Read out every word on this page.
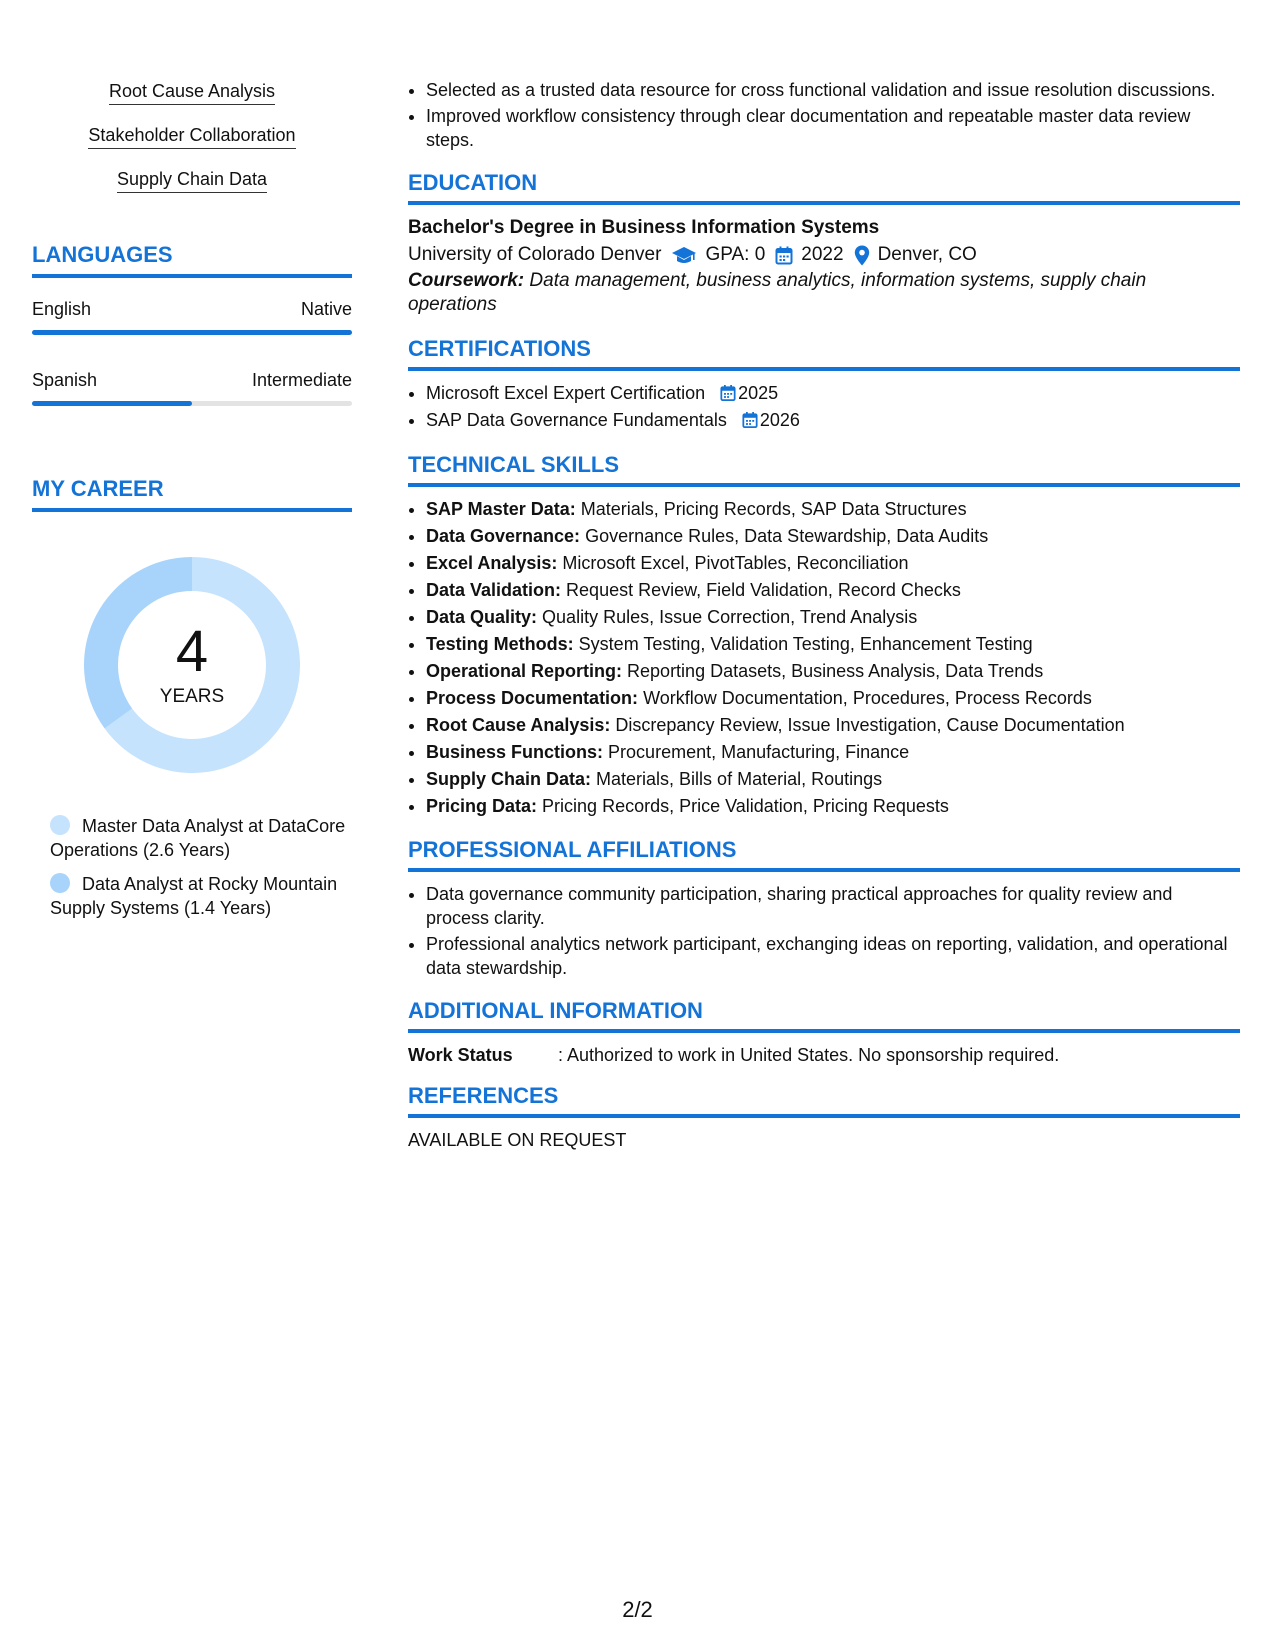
Root Cause Analysis
Stakeholder Collaboration
Supply Chain Data
LANGUAGES
English	Native
Spanish	Intermediate
MY CAREER
4
YEARS
Master Data Analyst at DataCore Operations (2.6 Years)
Data Analyst at Rocky Mountain Supply Systems (1.4 Years)
• Selected as a trusted data resource for cross functional validation and issue resolution discussions.
• Improved workflow consistency through clear documentation and repeatable master data review steps.
EDUCATION
Bachelor's Degree in Business Information Systems
University of Colorado Denver GPA: 0 2022 Denver, CO
Coursework: Data management, business analytics, information systems, supply chain operations
CERTIFICATIONS
• Microsoft Excel Expert Certification 2025
• SAP Data Governance Fundamentals 2026
TECHNICAL SKILLS
• SAP Master Data: Materials, Pricing Records, SAP Data Structures
• Data Governance: Governance Rules, Data Stewardship, Data Audits
• Excel Analysis: Microsoft Excel, PivotTables, Reconciliation
• Data Validation: Request Review, Field Validation, Record Checks
• Data Quality: Quality Rules, Issue Correction, Trend Analysis
• Testing Methods: System Testing, Validation Testing, Enhancement Testing
• Operational Reporting: Reporting Datasets, Business Analysis, Data Trends
• Process Documentation: Workflow Documentation, Procedures, Process Records
• Root Cause Analysis: Discrepancy Review, Issue Investigation, Cause Documentation
• Business Functions: Procurement, Manufacturing, Finance
• Supply Chain Data: Materials, Bills of Material, Routings
• Pricing Data: Pricing Records, Price Validation, Pricing Requests
PROFESSIONAL AFFILIATIONS
• Data governance community participation, sharing practical approaches for quality review and process clarity.
• Professional analytics network participant, exchanging ideas on reporting, validation, and operational data stewardship.
ADDITIONAL INFORMATION
Work Status	: Authorized to work in United States. No sponsorship required.
REFERENCES
AVAILABLE ON REQUEST
2/2
